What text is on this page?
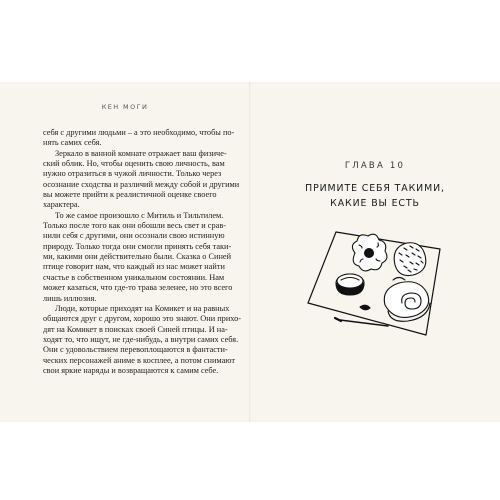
КЕН МОГИ
себя с другими людьми – а это необходимо, чтобы по-
нять самих себя.
Зеркало в ванной комнате отражает ваш физиче-
ский облик. Но, чтобы оценить свою личность, вам
нужно отразиться в чужой личности. Только через
осознание сходства и различий между собой и другими
вы можете прийти к реалистичной оценке своего
характера.
То же самое произошло с Митиль и Тильтилем.
Только после того как они обошли весь свет и срав-
нили себя с другими, они осознали свою истинную
природу. Только тогда они смогли принять себя таки-
ми, какими они действительно были. Сказка о Синей
птице говорит нам, что каждый из нас может найти
счастье в собственном уникальном состоянии. Нам
может казаться, что где-то трава зеленее, но это всего
лишь иллюзия.
Люди, которые приходят на Комикет и на равных
общаются друг с другом, хорошо это знают. Они прихо-
дят на Комикет в поисках своей Синей птицы. И на-
ходят то, что ищут, не где-нибудь, а внутри самих себя.
Они с удовольствием перевоплощаются в фантасти-
ческих персонажей аниме в косплее, а потом снимают
свои яркие наряды и возвращаются к самим себе.
ГЛАВА 10
ПРИМИТЕ СЕБЯ ТАКИМИ,
КАКИЕ ВЫ ЕСТЬ
